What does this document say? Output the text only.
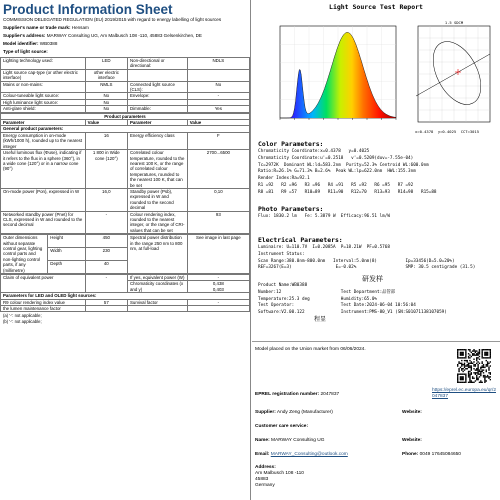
Product Information Sheet
COMMISSION DELEGATED REGULATION (EU) 2019/2015 with regard to energy labelling of light sources
Supplier's name or trade mark: Hensam
Supplier's address: MARWAY Consulting UG, Am Malbusch 108 -110, 45883 Gelsenkirchen, DE
Model identifier: WB0388
Type of light source:
Lighting technology used:	LED	Non-directional or directional:	NDLS
Light source cap-type (or other electric interface)	other electric interface		
Mains or non-mains:	NMLS	Connected light source (CLS):	No
Colour-tuneable light source:	No	Envelope:	-
High luminance light source:	No		
Anti-glare shield:	No	Dimmable:	Yes
Product parameters			
Parameter	Value	Parameter	Value
General product parameters:			
Energy consumption in on-mode (kWh/1000 h), rounded up to the nearest integer	16	Energy efficiency class	F
Useful luminous flux (Φuse), indicating if it refers to the flux in a sphere (360°), in a wide cone (120°) or in a narrow cone (90°)	1 800 in Wide cone (120°)	Correlated colour temperature, rounded to the nearest 100 K, or the range of correlated colour temperatures, rounded to the nearest 100 K, that can be set	2700...6500
On-mode power (Pon), expressed in W	16,0	Standby power (Psb), expressed in W and rounded to the second decimal	0,10
Networked standby power (Pnet) for CLS, expressed in W and rounded to the second decimal	-	Colour rendering index, rounded to the nearest integer, or the range of CRI-values that can be set	93
Outer dimensions without separate control gear, lighting control parts and non-lighting control parts, if any (millimetre)	Height	450	Spectral power distribution in the range 250 nm to 800 nm, at full-load	See image in last page
	Width	230		
	Depth	40		
Claim of equivalent power	-	If yes, equivalent power (W)	-
		Chromaticity coordinates (x and y)	0,438
0,403
Parameters for LED and OLED light sources:			
R9 colour rendering index value	57	Survival factor	-
the lumen maintenance factor			
(a) '-': not applicable;
(b) '-': not applicable;
Light Source Test Report
1.5 SDCM
x=0.4378  y=0.4025  CCT=3015
Color Parameters:
Chromaticity Coordinate:x=0.4378   y=0.4025
Chromaticity Coordinate:u'=0.2518   v'=0.5209(duv=-7.55e-04)
Tc=2972K  Dominant WL:ld=583.2nm  Purity=52.3% Centroid WL:600.0nm
Ratio:R=26.1% G=71.3% B=2.6%  Peak WL:lp=622.0nm  HWL:155.3nm
Render Index:Ra=92.1
R1 =92   R2 =96   R3 =96   R4 =91   R5 =92   R6 =95   R7 =92
R8 =81   R9 =57   R10=89   R11=90   R12=70   R13=93   R14=98   R15=88
Photo Parameters:
Flux: 1830.2 lm   Fe: 5.3879 W  Efficacy:96.51 lm/W
Electrical Parameters:
Luminaire: U=110.7V  I=0.2085A  P=18.21W  PF=0.5768
Instrument Status:
Scan Range:380.0nm-800.0nm   Interval:5.0nm(8)           Ip=33456(D=5.0=20%)
REF=3267(E=3)                 E=-0.02%                   SMP: 30.5 centigrade (31.5)
研发样
Product Name:WB0388
Number:12                       Test Department:品管部
Temperature:25.3 deg            Humidity:65.0%
Test Operator:                  Test Date:2024-06-04 10:56:04
Software:V2.00.122              Instrument:PMS-80_V1 (SN:S01071138107059)
程显
Model placed on the Union market from 06/06/2024.
EPREL registration number: 2047837
https://eprel.ec.europa.eu/qr/2047837
Supplier: Andy Zeng (Manufacturer)	Website:
Customer care service:
Name: MARWAY Consulting UG	Website:
Email: MARWAY_Consulting@outlook.com	Phone: 0049 17645084650
Address:
Am Malbusch 108 -110
45883
Germany
